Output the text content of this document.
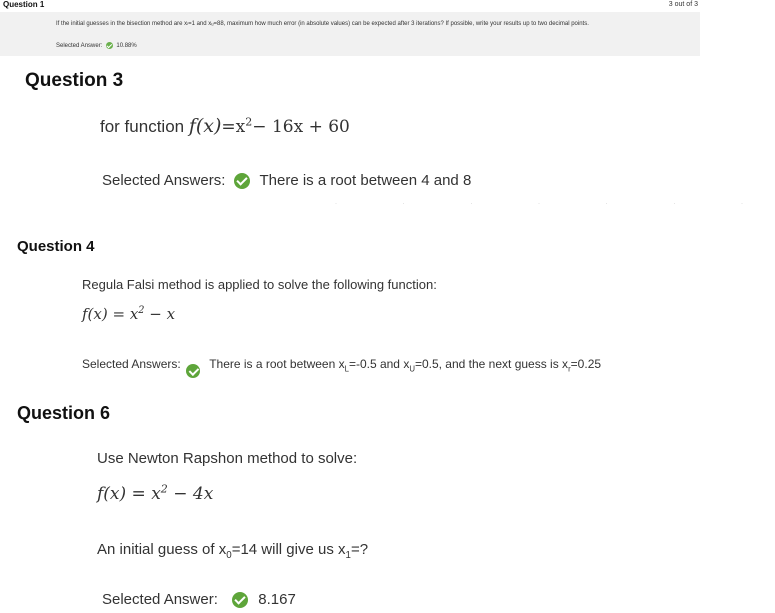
Question 1	3 out of 3
If the initial guesses in the bisection method are xₗ=1 and xᵤ=88, maximum how much error (in absolute values) can be expected after 3 iterations? If possible, write your results up to two decimal points.
Selected Answer: 10.88%
Question 3
for function $f(x)=x^2- 16x + 60$
Selected Answers: There is a root between 4 and 8
· · · · · · ·
Question 4
Regula Falsi method is applied to solve the following function:
$f(x) = x^2 - x$
Selected Answers: There is a root between $x_L=-0.5$ and $x_U=0.5$, and the next guess is $x_r=0.25$
Question 6
Use Newton Rapshon method to solve:
$f(x) = x^2 - 4x$
An initial guess of $x_0=14$ will give us $x_1=$?
Selected Answer:	8.167
